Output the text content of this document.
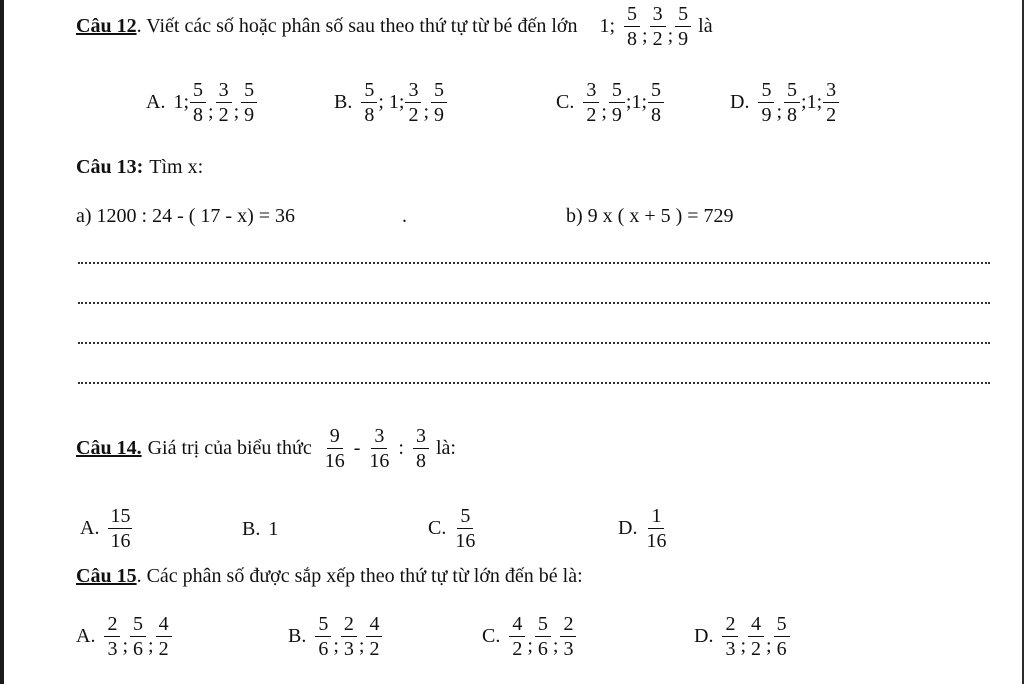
Câu 12 . Viết các số hoặc phân số sau theo thứ tự từ bé đến lớn 1; $\frac{5}{8}$ ; $\frac{3}{2}$ ; $\frac{5}{9}$ là
A. 1; $\frac{5}{8}$ ; $\frac{3}{2}$ ; $\frac{5}{9}$	B. $\frac{5}{8}$ ; 1; $\frac{3}{2}$ ; $\frac{5}{9}$	C. $\frac{3}{2}$ ; $\frac{5}{9}$ ;1; $\frac{5}{8}$	D. $\frac{5}{9}$ ; $\frac{5}{8}$ ;1; $\frac{3}{2}$
Câu 13: Tìm x:
a) 1200 : 24 - ( 17 - x) = 36	.	b) 9 x ( x + 5 ) = 729
Câu 14. Giá trị của biểu thức $\frac{9}{16} - \frac{3}{16}$ : $\frac{3}{8}$ là:
A. $\frac{15}{16}$	B. 1	C. $\frac{5}{16}$	D. $\frac{1}{16}$
Câu 15 . Các phân số được sắp xếp theo thứ tự từ lớn đến bé là:
A. $\frac{2}{3}$ ; $\frac{5}{6}$ ; $\frac{4}{2}$	B. $\frac{5}{6}$ ; $\frac{2}{3}$ ; $\frac{4}{2}$	C. $\frac{4}{2}$ ; $\frac{5}{6}$ ; $\frac{2}{3}$	D. $\frac{2}{3}$ ; $\frac{4}{2}$ ; $\frac{5}{6}$
